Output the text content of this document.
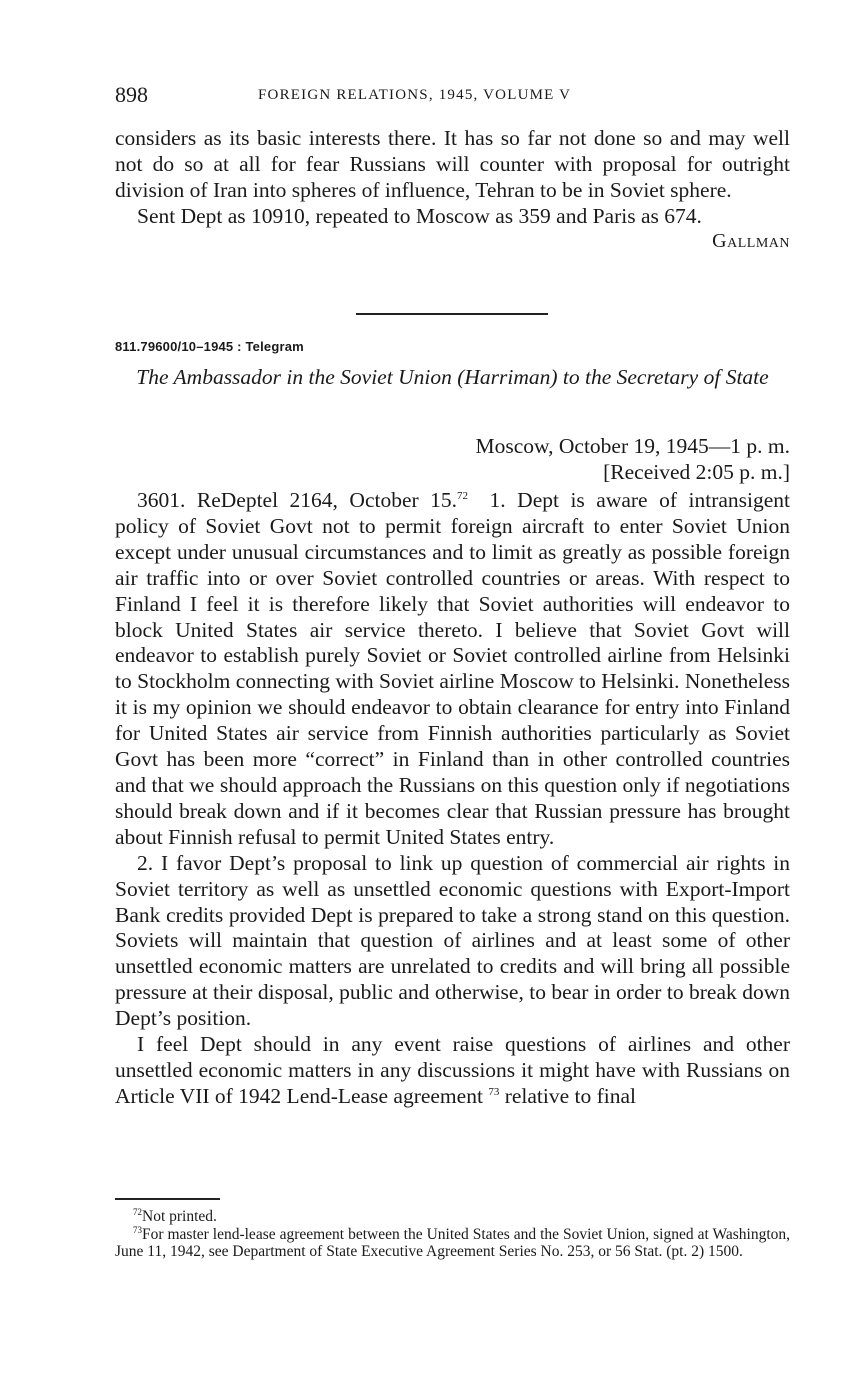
898	FOREIGN RELATIONS, 1945, VOLUME V

considers as its basic interests there. It has so far not done so and may well not do so at all for fear Russians will counter with proposal for outright division of Iran into spheres of influence, Tehran to be in Soviet sphere.

Sent Dept as 10910, repeated to Moscow as 359 and Paris as 674.

Gallman

811.79600/10–1945 : Telegram
The Ambassador in the Soviet Union (Harriman) to the Secretary of State
Moscow, October 19, 1945—1 p. m.
[Received 2:05 p. m.]

3601. ReDeptel 2164, October 15.72  1. Dept is aware of intransigent policy of Soviet Govt not to permit foreign aircraft to enter Soviet Union except under unusual circumstances and to limit as greatly as possible foreign air traffic into or over Soviet controlled countries or areas. With respect to Finland I feel it is therefore likely that Soviet authorities will endeavor to block United States air service thereto. I believe that Soviet Govt will endeavor to establish purely Soviet or Soviet controlled airline from Helsinki to Stockholm connecting with Soviet airline Moscow to Helsinki. Nonetheless it is my opinion we should endeavor to obtain clearance for entry into Finland for United States air service from Finnish authorities particularly as Soviet Govt has been more “correct” in Finland than in other controlled countries and that we should approach the Russians on this question only if negotiations should break down and if it becomes clear that Russian pressure has brought about Finnish refusal to permit United States entry.

2. I favor Dept’s proposal to link up question of commercial air rights in Soviet territory as well as unsettled economic questions with Export-Import Bank credits provided Dept is prepared to take a strong stand on this question. Soviets will maintain that question of airlines and at least some of other unsettled economic matters are unrelated to credits and will bring all possible pressure at their disposal, public and otherwise, to bear in order to break down Dept’s position.

I feel Dept should in any event raise questions of airlines and other unsettled economic matters in any discussions it might have with Russians on Article VII of 1942 Lend-Lease agreement $^{73}$ relative to final

$^{72}$Not printed.

$^{73}$For master lend-lease agreement between the United States and the Soviet Union, signed at Washington, June 11, 1942, see Department of State Executive Agreement Series No. 253, or 56 Stat. (pt. 2) 1500.
